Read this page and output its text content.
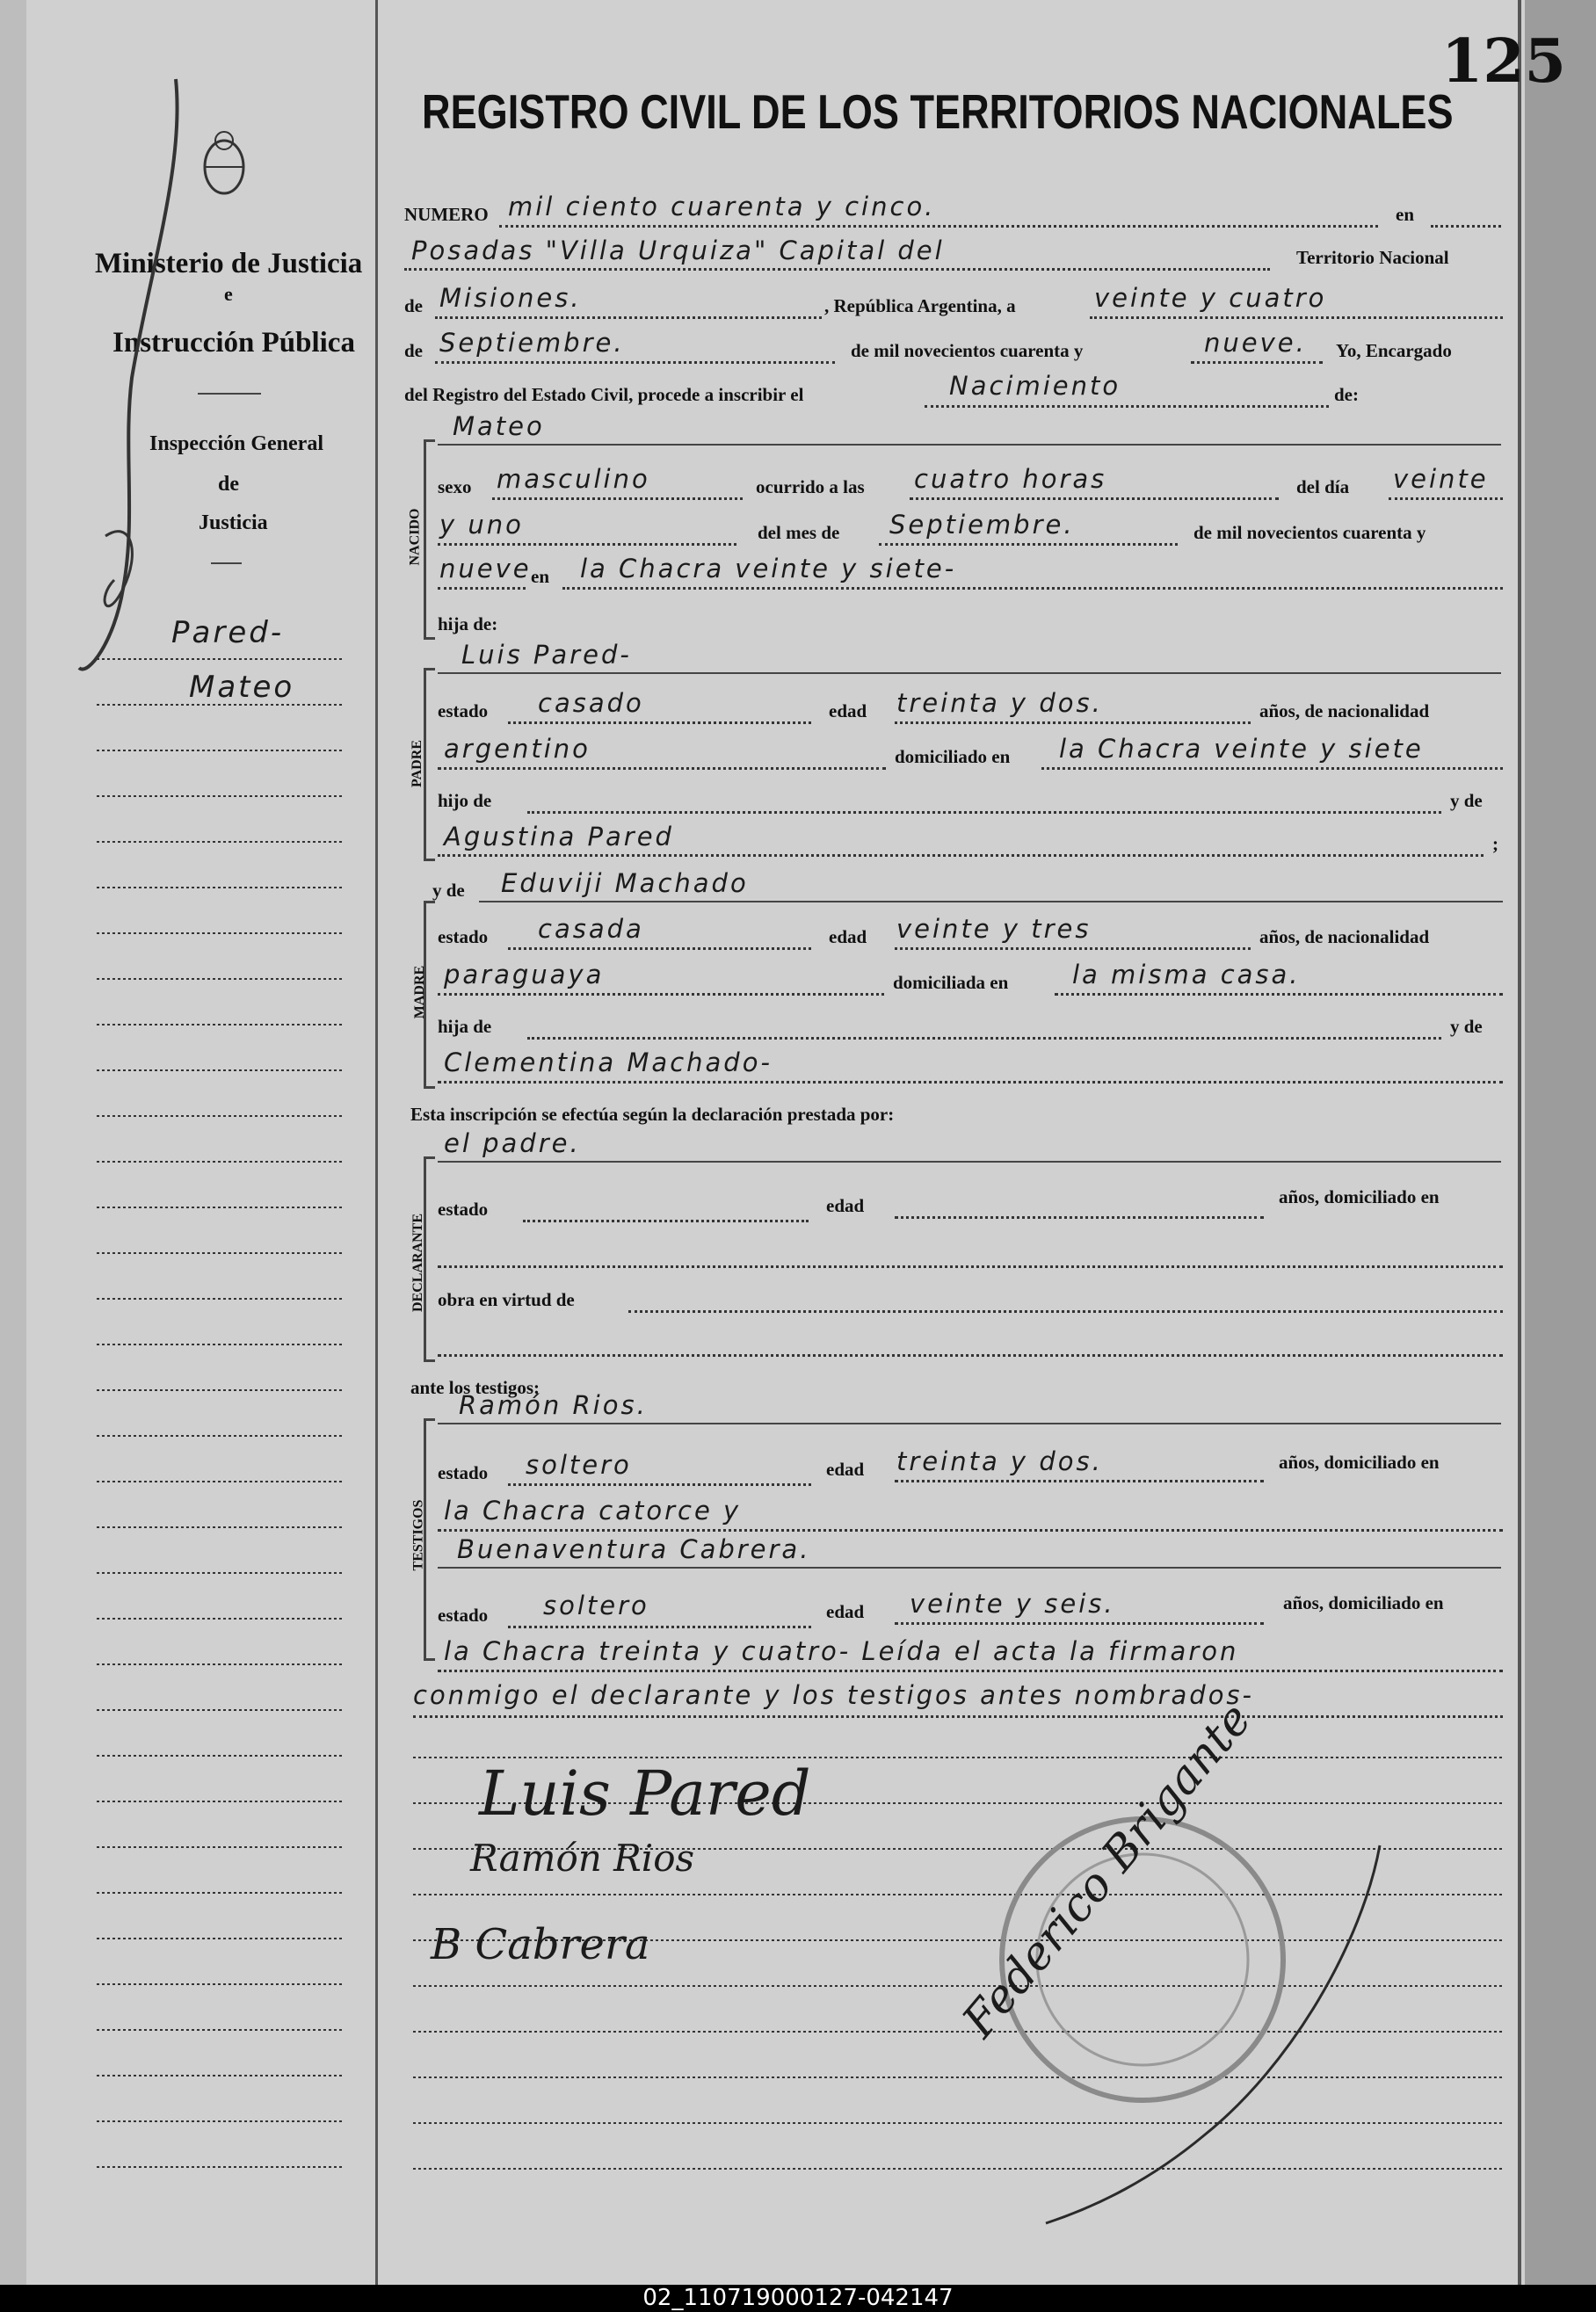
125
REGISTRO CIVIL DE LOS TERRITORIOS NACIONALES
Ministerio de Justicia
e
Instrucción Pública
Inspección General
de
Justicia
Pared-
Mateo
NUMERO mil ciento cuarenta y cinco.	en
Posadas "Villa Urquiza" Capital del	Territorio Nacional
de Misiones.	, República Argentina, a	veinte y cuatro
de Septiembre.	de mil novecientos cuarenta y	nueve. Yo, Encargado
del Registro del Estado Civil, procede a inscribir el	Nacimiento	de:
NACIDO
Mateo
sexo masculino	ocurrido a las cuatro horas	del día veinte
y uno	del mes de Septiembre.	de mil novecientos cuarenta y
nueve en la Chacra veinte y siete-
hija de:
PADRE
Luis Pared-
estado casado	edad treinta y dos.	años, de nacionalidad
argentino	domiciliado en la Chacra veinte y siete
hijo de	y de
Agustina Pared	;
y de Eduviji Machado
MADRE
estado casada	edad veinte y tres	años, de nacionalidad
paraguaya	domiciliada en	la misma casa.
hija de	y de
Clementina Machado-
Esta inscripción se efectúa según la declaración prestada por:
DECLARANTE
el padre.
estado	edad	años, domiciliado en
obra en virtud de
ante los testigos:
TESTIGOS
Ramón Rios.
estado soltero	edad treinta y dos.	años, domiciliado en
la Chacra catorce y
Buenaventura Cabrera.
estado soltero	edad veinte y seis.	años, domiciliado en
la Chacra treinta y cuatro- Leída el acta la firmaron
conmigo el declarante y los testigos antes nombrados-
Luis Pared
Ramón Rios
B Cabrera	Federico Brigante
02_110719000127-042147
